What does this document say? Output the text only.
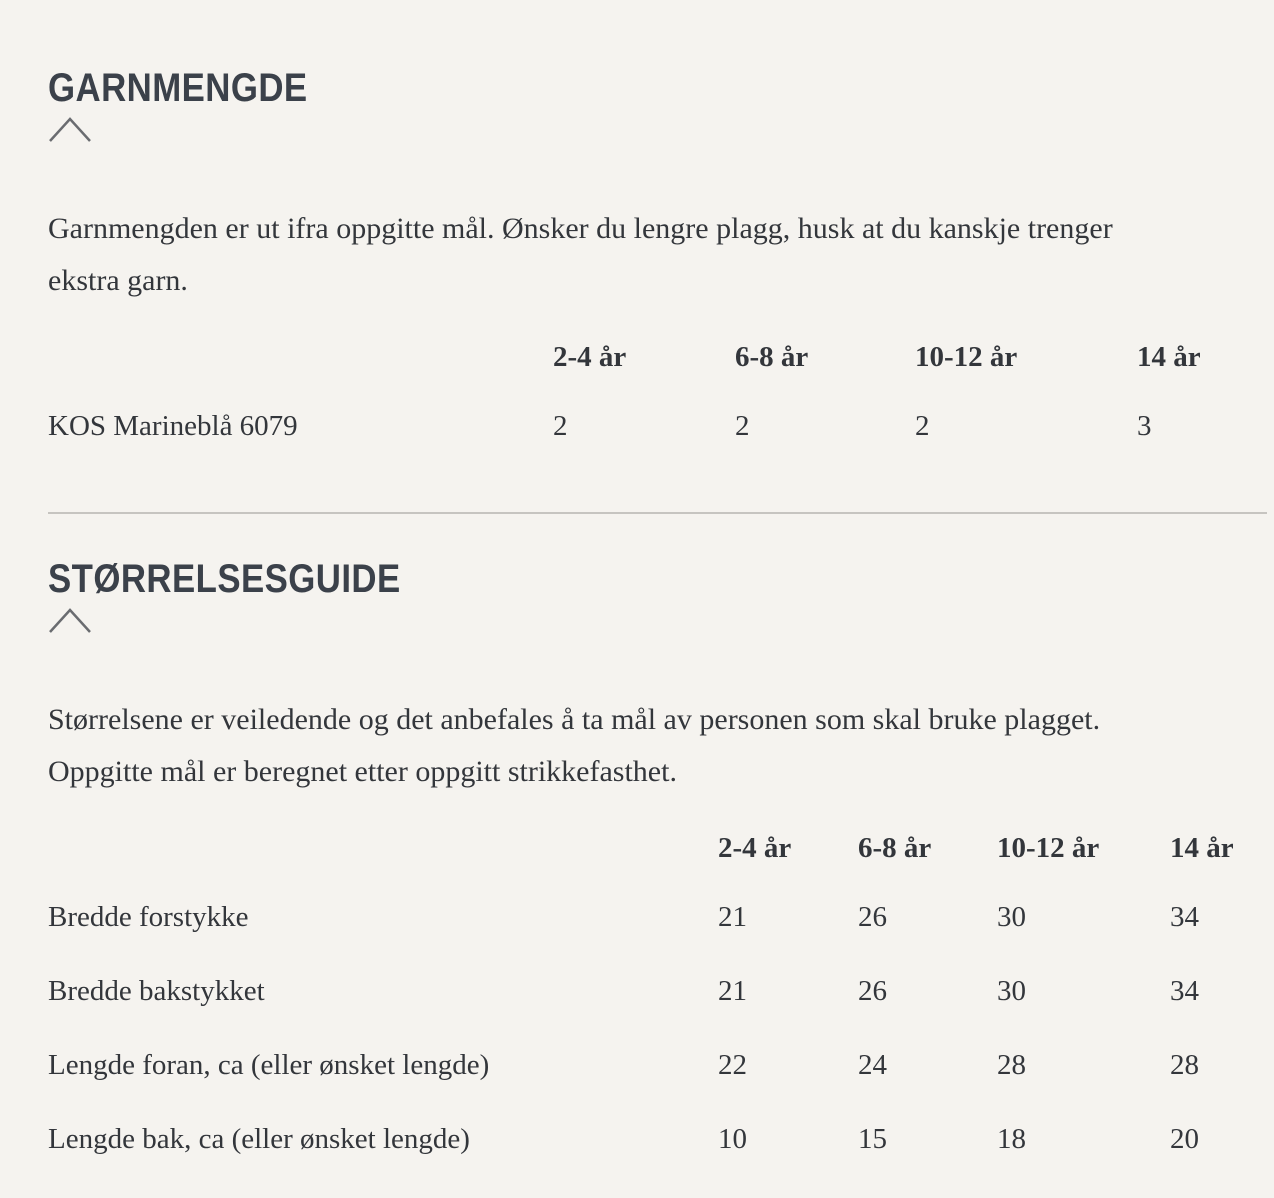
GARNMENGDE

Garnmengden er ut ifra oppgitte mål. Ønsker du lengre plagg, husk at du kanskje trenger ekstra garn.

	2-4 år	6-8 år	10-12 år	14 år
KOS Marineblå 6079	2	2	2	3
STØRRELSESGUIDE

Størrelsene er veiledende og det anbefales å ta mål av personen som skal bruke plagget. Oppgitte mål er beregnet etter oppgitt strikkefasthet.

	2-4 år	6-8 år	10-12 år	14 år
Bredde forstykke	21	26	30	34
Bredde bakstykket	21	26	30	34
Lengde foran, ca (eller ønsket lengde)	22	24	28	28
Lengde bak, ca (eller ønsket lengde)	10	15	18	20
